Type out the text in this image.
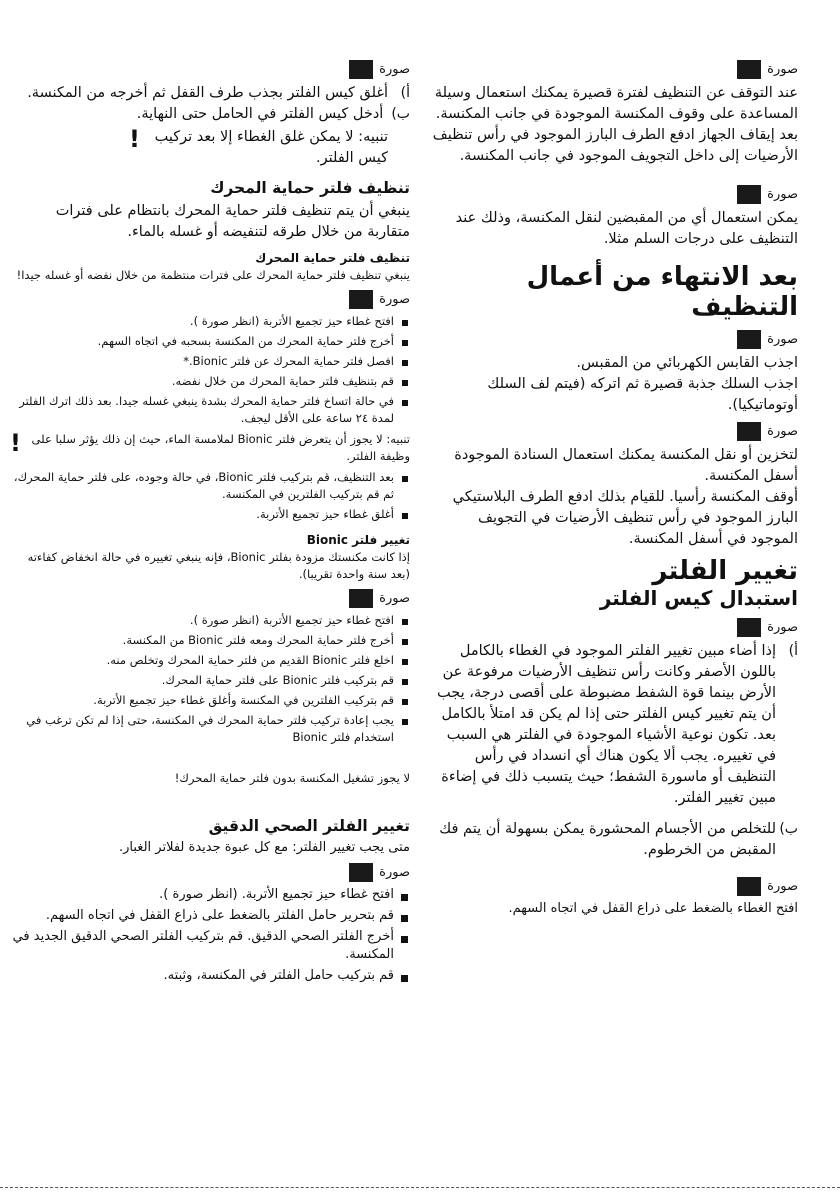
صورة

عند التوقف عن التنظيف لفترة قصيرة يمكنك استعمال وسيلة المساعدة على وقوف المكنسة الموجودة في جانب المكنسة. بعد إيقاف الجهاز ادفع الطرف البارز الموجود في رأس تنظيف الأرضيات إلى داخل التجويف الموجود في جانب المكنسة.

صورة

يمكن استعمال أي من المقبضين لنقل المكنسة، وذلك عند التنظيف على درجات السلم مثلا.

بعد الانتهاء من أعمال التنظيف
صورة

اجذب القابس الكهربائي من المقبس.

اجذب السلك جذبة قصيرة ثم اتركه (فيتم لف السلك أوتوماتيكيا).

صورة

لتخزين أو نقل المكنسة يمكنك استعمال السنادة الموجودة أسفل المكنسة.

أوقف المكنسة رأسيا. للقيام بذلك ادفع الطرف البلاستيكي البارز الموجود في رأس تنظيف الأرضيات في التجويف الموجود في أسفل المكنسة.

تغيير الفلتر
استبدال كيس الفلتر
صورة
أ)

إذا أضاء مبين تغيير الفلتر الموجود في الغطاء بالكامل باللون الأصفر وكانت رأس تنظيف الأرضيات مرفوعة عن الأرض بينما قوة الشفط مضبوطة على أقصى درجة، يجب أن يتم تغيير كيس الفلتر حتى إذا لم يكن قد امتلأ بالكامل بعد. تكون نوعية الأشياء الموجودة في الفلتر هي السبب في تغييره. يجب ألا يكون هناك أي انسداد في رأس التنظيف أو ماسورة الشفط؛ حيث يتسبب ذلك في إضاءة مبين تغيير الفلتر.

ب)

للتخلص من الأجسام المحشورة يمكن بسهولة أن يتم فك المقبض من الخرطوم.

صورة

افتح الغطاء بالضغط على ذراع القفل في اتجاه السهم.

صورة
أ)

أغلق كيس الفلتر بجذب طرف القفل ثم أخرجه من المكنسة.

ب)

أدخل كيس الفلتر في الحامل حتى النهاية.

تنبيه: لا يمكن غلق الغطاء إلا بعد تركيب كيس الفلتر.

!
تنظيف فلتر حماية المحرك

ينبغي أن يتم تنظيف فلتر حماية المحرك بانتظام على فترات متقاربة من خلال طرقه لتنفيضه أو غسله بالماء.

تنظيف فلتر حماية المحرك

ينبغي تنظيف فلتر حماية المحرك على فترات منتظمة من خلال نفضه أو غسله جيدا!

صورة
افتح غطاء حيز تجميع الأتربة (انظر صورة ).
أخرج فلتر حماية المحرك من المكنسة بسحبه في اتجاه السهم.
افصل فلتر حماية المحرك عن فلتر Bionic.*
قم بتنظيف فلتر حماية المحرك من خلال نفضه.
في حالة اتساخ فلتر حماية المحرك بشدة ينبغي غسله جيدا. بعد ذلك اترك الفلتر لمدة ٢٤ ساعة على الأقل ليجف.

تنبيه: لا يجوز أن يتعرض فلتر Bionic لملامسة الماء، حيث إن ذلك يؤثر سلبا على وظيفة الفلتر.

!
بعد التنظيف، قم بتركيب فلتر Bionic، في حالة وجوده، على فلتر حماية المحرك، ثم قم بتركيب الفلترين في المكنسة.
أغلق غطاء حيز تجميع الأتربة.
تغيير فلتر Bionic

إذا كانت مكنستك مزودة بفلتر Bionic، فإنه ينبغي تغييره في حالة انخفاض كفاءته (بعد سنة واحدة تقريبا).

صورة
افتح غطاء حيز تجميع الأتربة (انظر صورة ).
أخرج فلتر حماية المحرك ومعه فلتر Bionic من المكنسة.
اخلع فلتر Bionic القديم من فلتر حماية المحرك وتخلص منه.
قم بتركيب فلتر Bionic على فلتر حماية المحرك.
قم بتركيب الفلترين في المكنسة وأغلق غطاء حيز تجميع الأتربة.
يجب إعادة تركيب فلتر حماية المحرك في المكنسة، حتى إذا لم تكن ترغب في استخدام فلتر Bionic

لا يجوز تشغيل المكنسة بدون فلتر حماية المحرك!

تغيير الفلتر الصحي الدقيق

متى يجب تغيير الفلتر: مع كل عبوة جديدة لفلاتر الغبار.

صورة
افتح غطاء حيز تجميع الأتربة. (انظر صورة ).
قم بتحرير حامل الفلتر بالضغط على ذراع القفل في اتجاه السهم.
أخرج الفلتر الصحي الدقيق. قم بتركيب الفلتر الصحي الدقيق الجديد في المكنسة.
قم بتركيب حامل الفلتر في المكنسة، وثبته.
